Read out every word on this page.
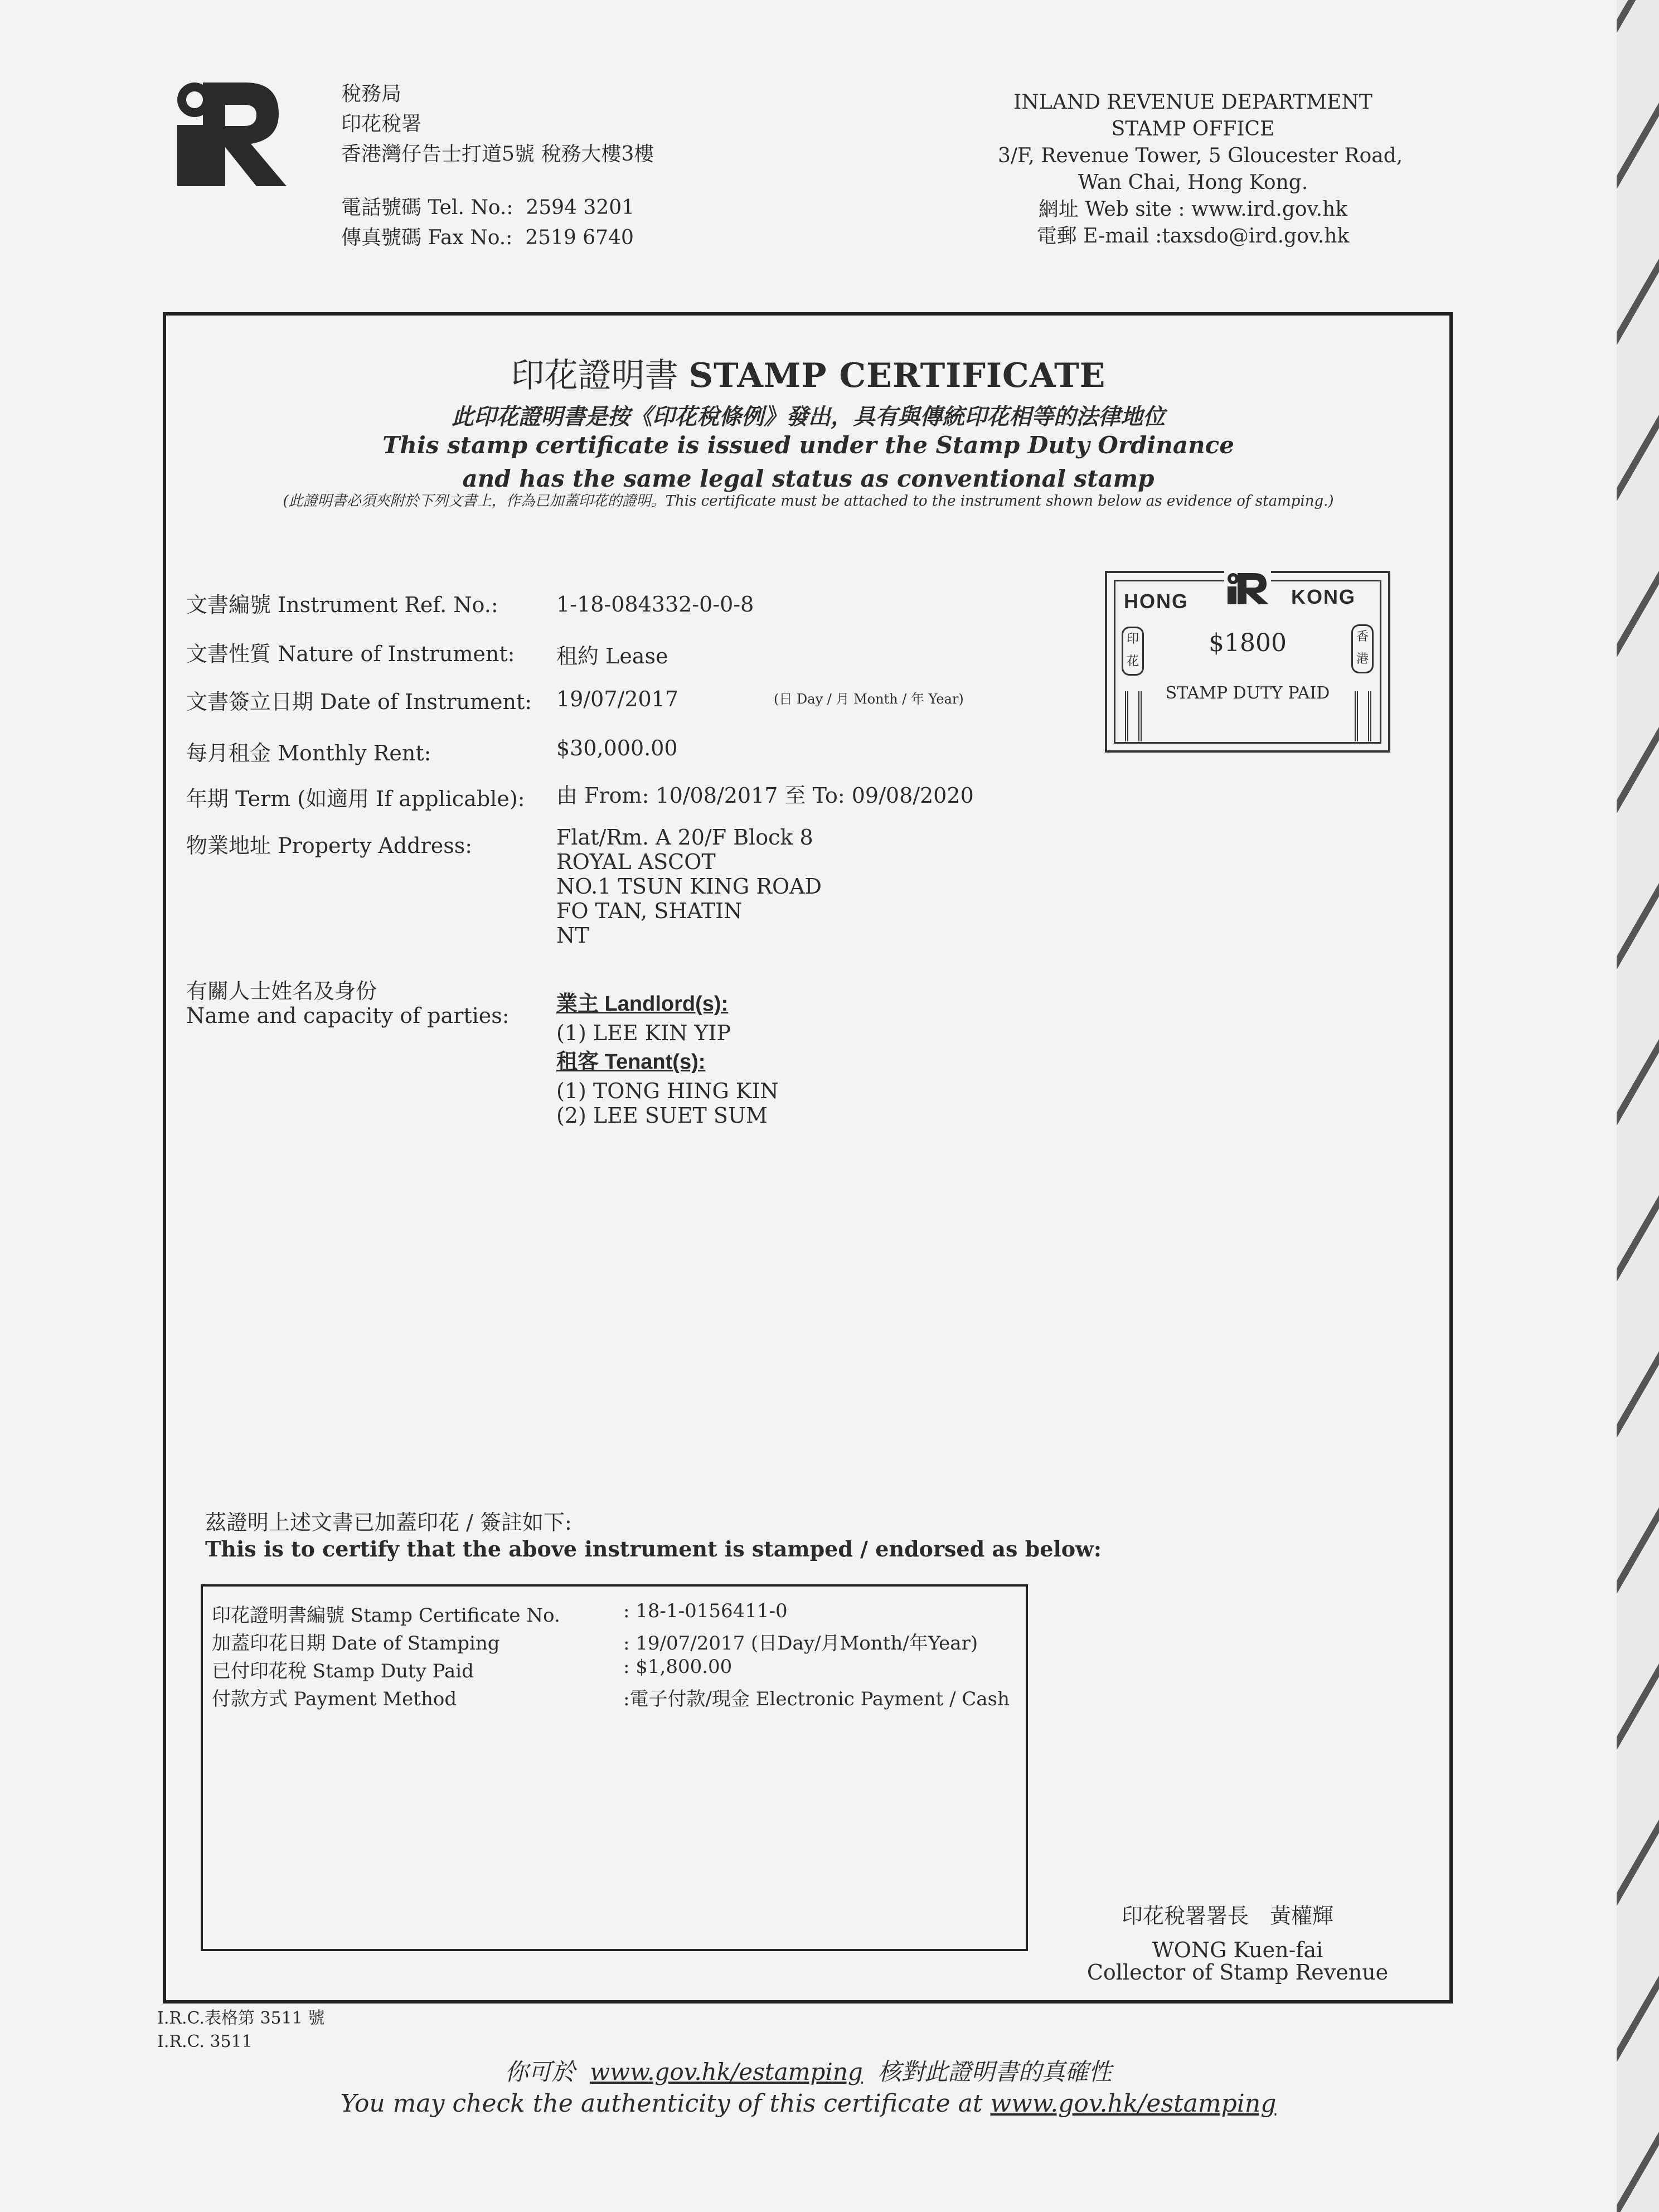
稅務局
印花稅署
香港灣仔告士打道5號 稅務大樓3樓
電話號碼 Tel. No.: 2594 3201
傳真號碼 Fax No.: 2519 6740
INLAND REVENUE DEPARTMENT
STAMP OFFICE
3/F, Revenue Tower, 5 Gloucester Road,
Wan Chai, Hong Kong.
網址 Web site : www.ird.gov.hk
電郵 E-mail :taxsdo@ird.gov.hk
印花證明書 STAMP CERTIFICATE
此印花證明書是按《印花稅條例》發出，具有與傳統印花相等的法律地位
This stamp certificate is issued under the Stamp Duty Ordinance
and has the same legal status as conventional stamp
(此證明書必須夾附於下列文書上，作為已加蓋印花的證明。This certificate must be attached to the instrument shown below as evidence of stamping.)
文書編號 Instrument Ref. No.:	1-18-084332-0-0-8
文書性質 Nature of Instrument: 租約 Lease
文書簽立日期 Date of Instrument: 19/07/2017	(日 Day / 月 Month / 年 Year)
每月租金 Monthly Rent:	$30,000.00
年期 Term (如適用 If applicable): 由 From: 10/08/2017 至 To: 09/08/2020
物業地址 Property Address:	Flat/Rm. A 20/F Block 8
ROYAL ASCOT
NO.1 TSUN KING ROAD
FO TAN, SHATIN
NT
有關人士姓名及身份
Name and capacity of parties: 業主 Landlord(s):
(1) LEE KIN YIP
租客 Tenant(s):
(1) TONG HING KIN
(2) LEE SUET SUM
HONG	KONG
$1800
STAMP DUTY PAID
印花
香港
茲證明上述文書已加蓋印花 / 簽註如下:
This is to certify that the above instrument is stamped / endorsed as below:
印花證明書編號 Stamp Certificate No.	: 18-1-0156411-0
加蓋印花日期 Date of Stamping	: 19/07/2017 (日Day/月Month/年Year)
已付印花稅 Stamp Duty Paid	: $1,800.00
付款方式 Payment Method	:電子付款/現金 Electronic Payment / Cash
印花稅署署長　黃權輝
WONG Kuen-fai
Collector of Stamp Revenue
I.R.C.表格第 3511 號
I.R.C. 3511
你可於 www.gov.hk/estamping 核對此證明書的真確性
You may check the authenticity of this certificate at www.gov.hk/estamping
